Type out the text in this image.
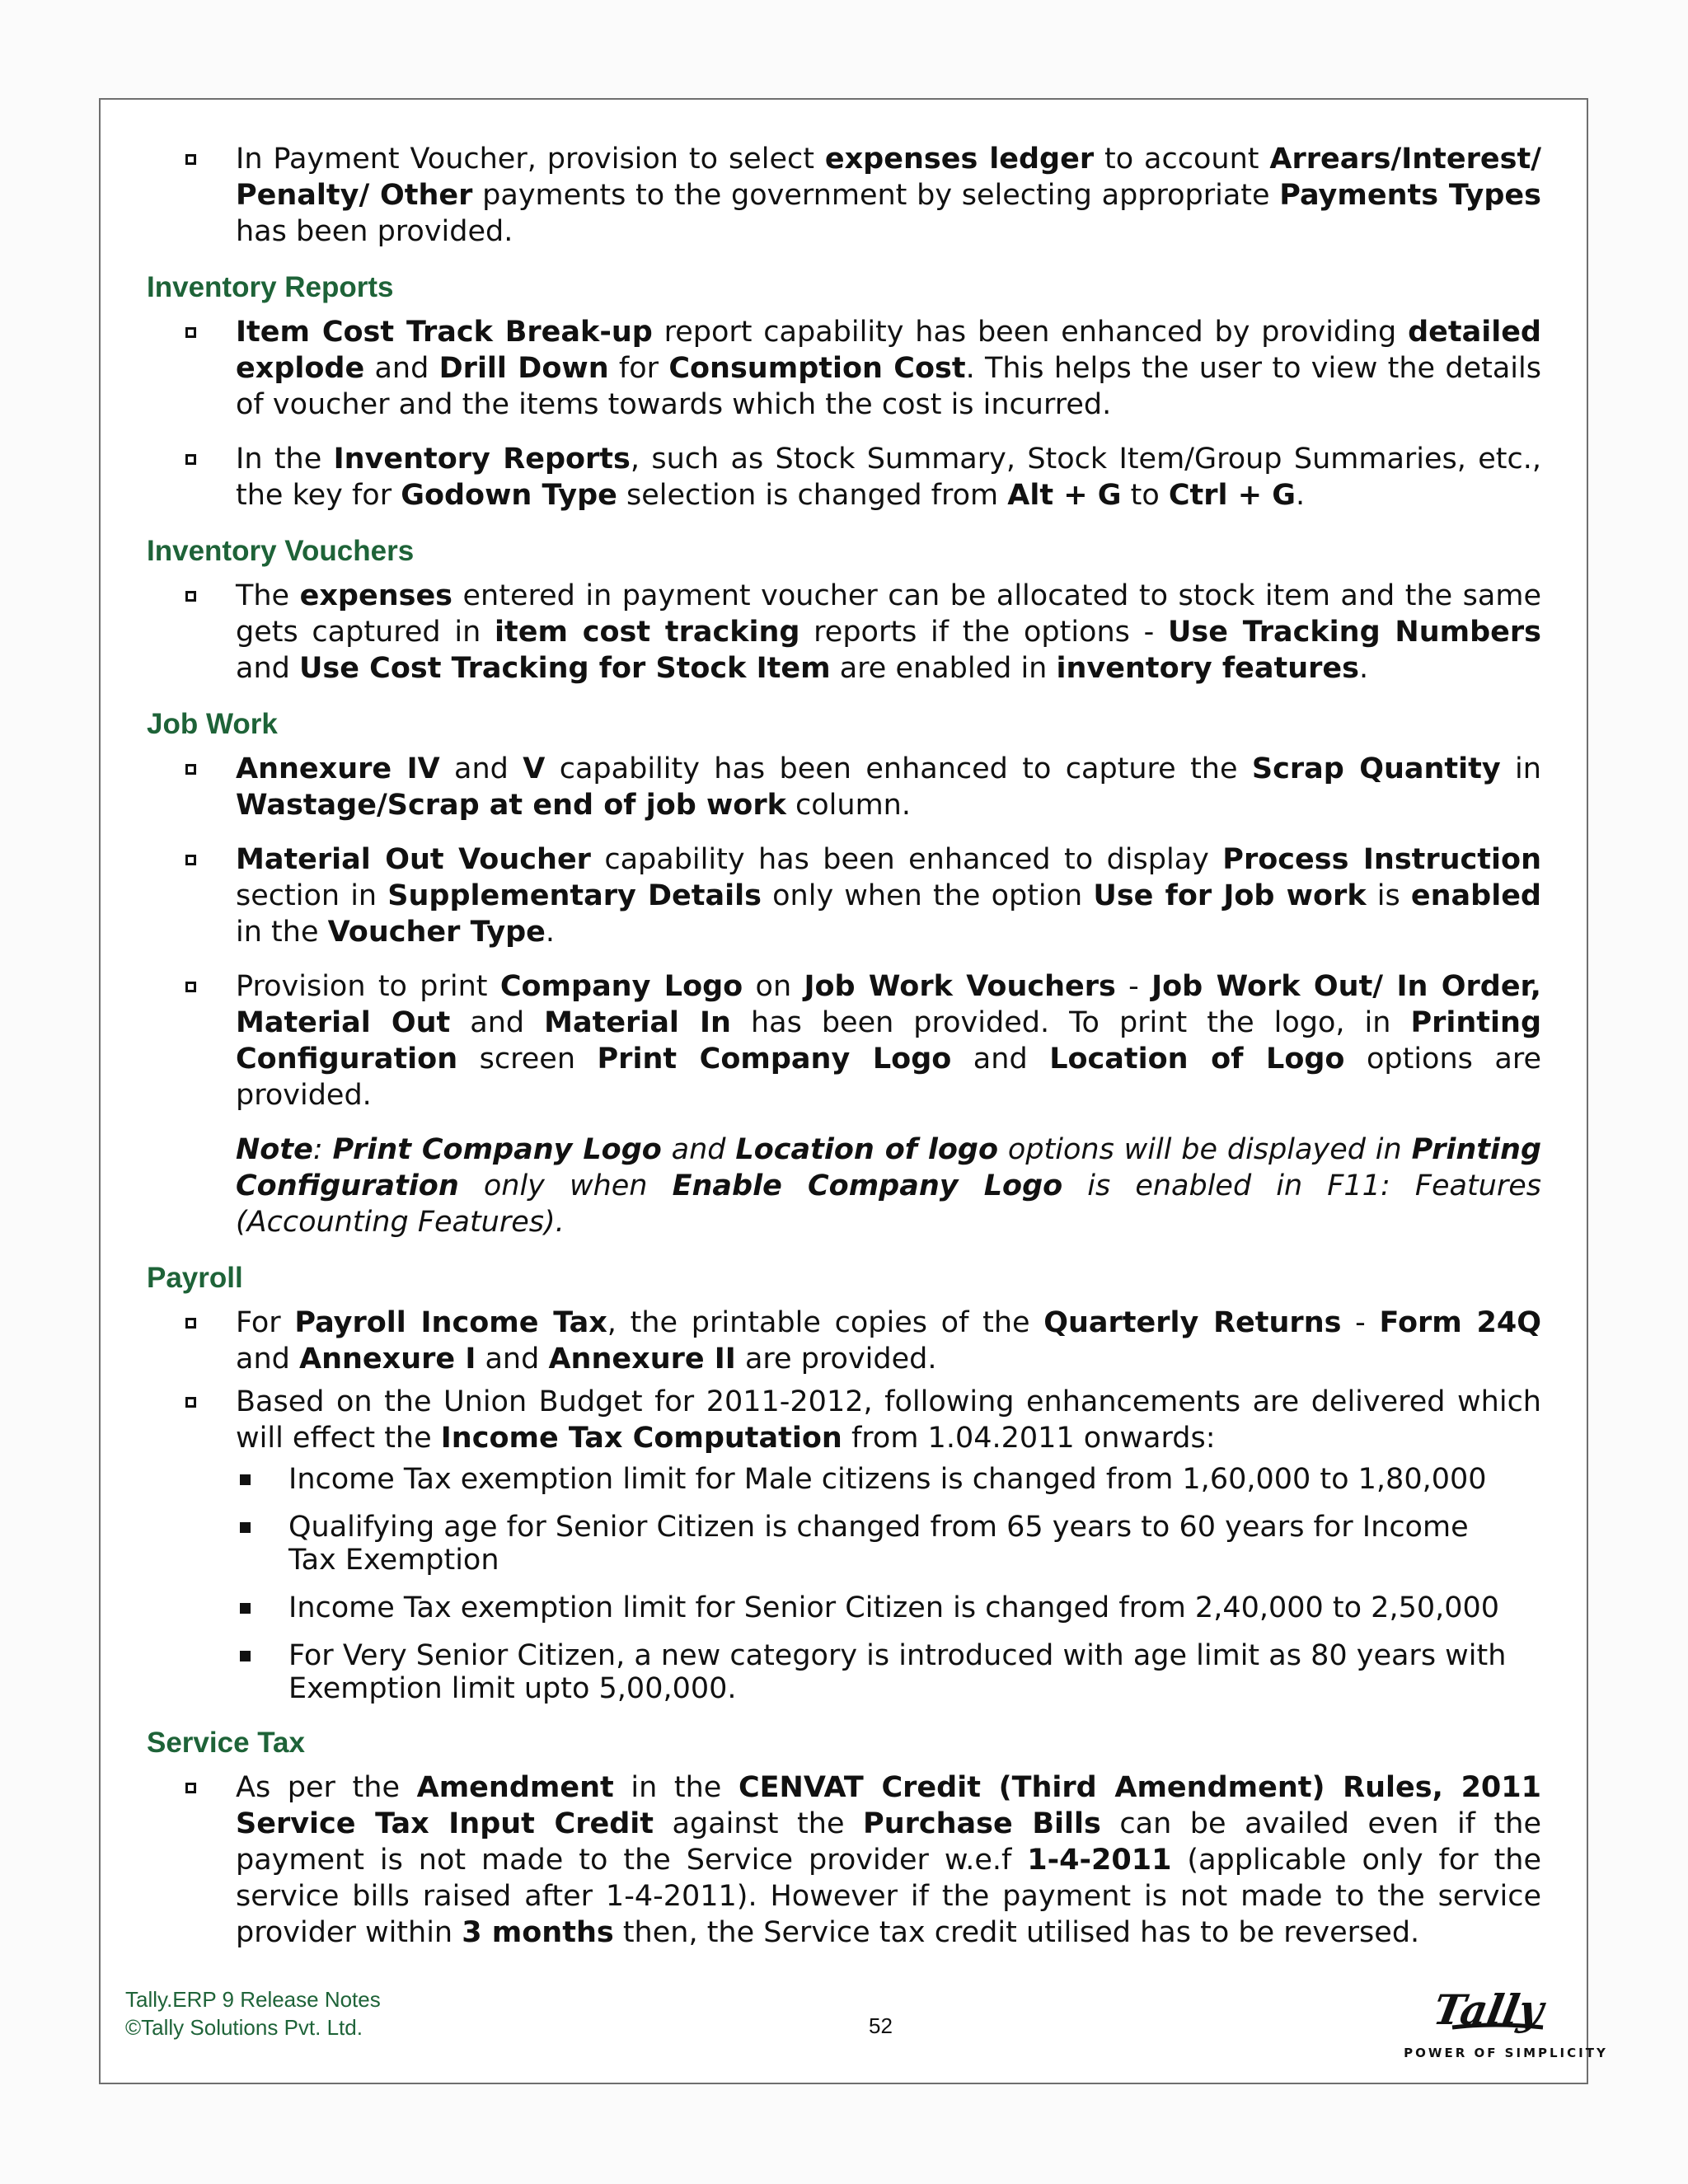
In Payment Voucher, provision to select expenses ledger to account Arrears/Interest/ Penalty/ Other payments to the government by selecting appropriate Payments Types has been provided.
Inventory Reports
Item Cost Track Break-up report capability has been enhanced by providing detailed explode and Drill Down for Consumption Cost. This helps the user to view the details of voucher and the items towards which the cost is incurred.
In the Inventory Reports, such as Stock Summary, Stock Item/Group Summaries, etc., the key for Godown Type selection is changed from Alt + G to Ctrl + G.
Inventory Vouchers
The expenses entered in payment voucher can be allocated to stock item and the same gets captured in item cost tracking reports if the options - Use Tracking Numbers and Use Cost Tracking for Stock Item are enabled in inventory features.
Job Work
Annexure IV and V capability has been enhanced to capture the Scrap Quantity in Wastage/Scrap at end of job work column.
Material Out Voucher capability has been enhanced to display Process Instruction section in Supplementary Details only when the option Use for Job work is enabled in the Voucher Type.
Provision to print Company Logo on Job Work Vouchers - Job Work Out/ In Order, Material Out and Material In has been provided. To print the logo, in Printing Configuration screen Print Company Logo and Location of Logo options are provided.
Note: Print Company Logo and Location of logo options will be displayed in Printing Configuration only when Enable Company Logo is enabled in F11: Features (Accounting Features).
Payroll
For Payroll Income Tax, the printable copies of the Quarterly Returns - Form 24Q and Annexure I and Annexure II are provided.
Based on the Union Budget for 2011-2012, following enhancements are delivered which will effect the Income Tax Computation from 1.04.2011 onwards:
Income Tax exemption limit for Male citizens is changed from 1,60,000 to 1,80,000
Qualifying age for Senior Citizen is changed from 65 years to 60 years for Income Tax Exemption
Income Tax exemption limit for Senior Citizen is changed from 2,40,000 to 2,50,000
For Very Senior Citizen, a new category is introduced with age limit as 80 years with Exemption limit upto 5,00,000.
Service Tax
As per the Amendment in the CENVAT Credit (Third Amendment) Rules, 2011 Service Tax Input Credit against the Purchase Bills can be availed even if the payment is not made to the Service provider w.e.f 1-4-2011 (applicable only for the service bills raised after 1-4-2011). However if the payment is not made to the service provider within 3 months then, the Service tax credit utilised has to be reversed.
Tally.ERP 9 Release Notes
©Tally Solutions Pvt. Ltd.	52	Tally
POWER OF SIMPLICITY
